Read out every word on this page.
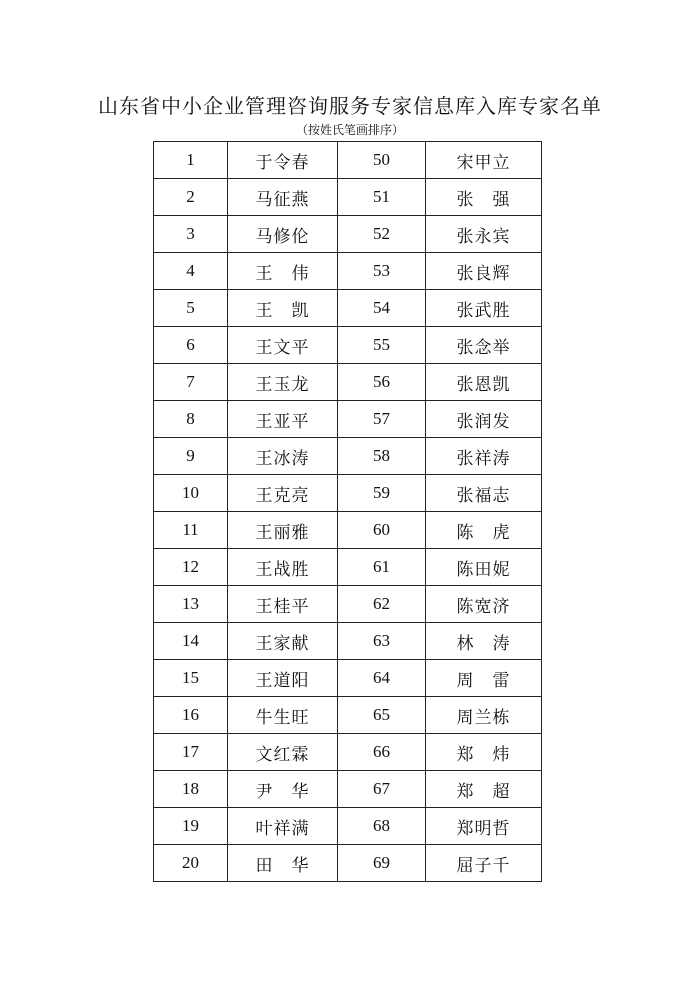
山东省中小企业管理咨询服务专家信息库入库专家名单
（按姓氏笔画排序）
1	于令春	50	宋甲立
2	马征燕	51	张　强
3	马修伦	52	张永宾
4	王　伟	53	张良辉
5	王　凯	54	张武胜
6	王文平	55	张念举
7	王玉龙	56	张恩凯
8	王亚平	57	张润发
9	王冰涛	58	张祥涛
10	王克亮	59	张福志
11	王丽雅	60	陈　虎
12	王战胜	61	陈田妮
13	王桂平	62	陈宽济
14	王家献	63	林　涛
15	王道阳	64	周　雷
16	牛生旺	65	周兰栋
17	文红霖	66	郑　炜
18	尹　华	67	郑　超
19	叶祥满	68	郑明哲
20	田　华	69	屈子千
